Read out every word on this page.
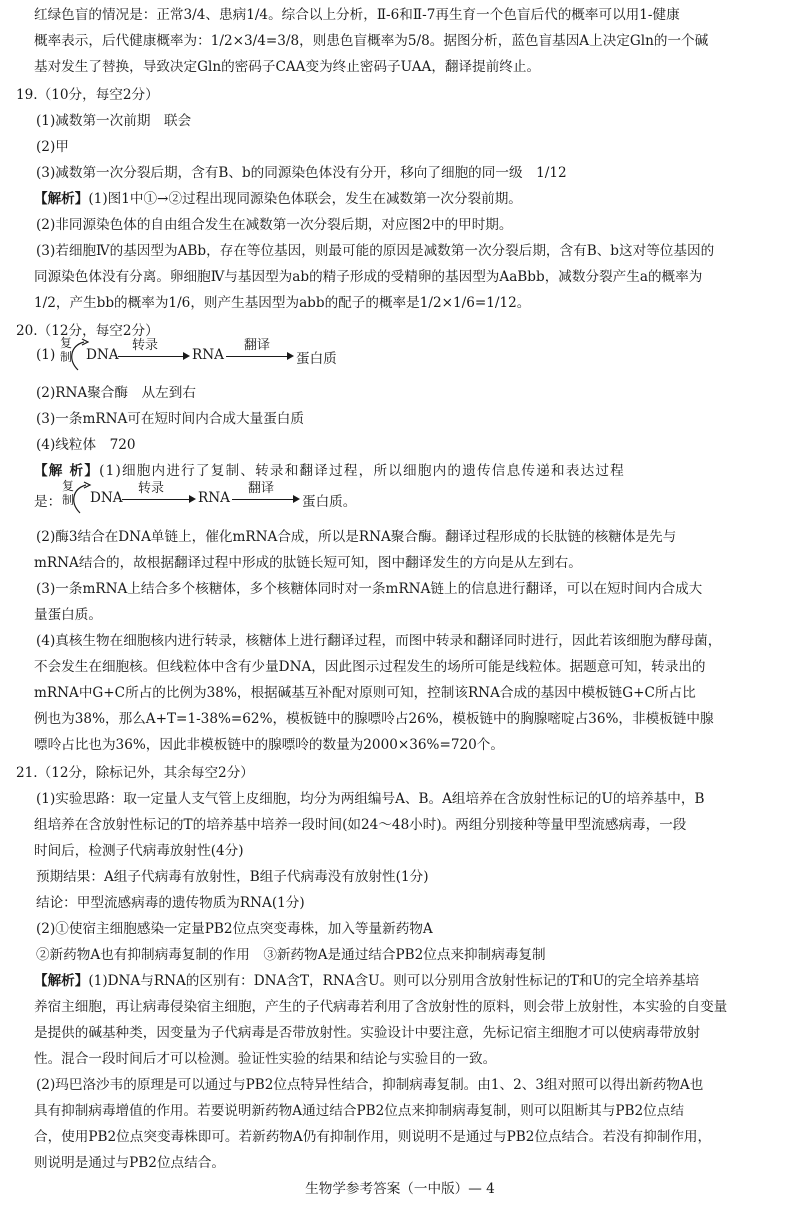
红绿色盲的情况是：正常3/4、患病1/4。综合以上分析，Ⅱ-6和Ⅱ-7再生育一个色盲后代的概率可以用1-健康
概率表示，后代健康概率为：1/2×3/4=3/8，则患色盲概率为5/8。据图分析，蓝色盲基因A上决定Gln的一个碱
基对发生了替换，导致决定Gln的密码子CAA变为终止密码子UAA，翻译提前终止。
19.（10分，每空2分）
(1)减数第一次前期　联会
(2)甲
(3)减数第一次分裂后期，含有B、b的同源染色体没有分开，移向了细胞的同一级　1/12
【解析】(1)图1中①→②过程出现同源染色体联会，发生在减数第一次分裂前期。
(2)非同源染色体的自由组合发生在减数第一次分裂后期，对应图2中的甲时期。
(3)若细胞Ⅳ的基因型为ABb，存在等位基因，则最可能的原因是减数第一次分裂后期，含有B、b这对等位基因的
同源染色体没有分离。卵细胞Ⅳ与基因型为ab的精子形成的受精卵的基因型为AaBbb，减数分裂产生a的概率为
1/2，产生bb的概率为1/6，则产生基因型为abb的配子的概率是1/2×1/6=1/12。
20.（12分，每空2分）
(1)
复制 DNA
转录
RNA
翻译
蛋白质
(2)RNA聚合酶　从左到右
(3)一条mRNA可在短时间内合成大量蛋白质
(4)线粒体　720
【解 析】(1)细胞内进行了复制、转录和翻译过程，所以细胞内的遗传信息传递和表达过程
是：
复制 DNA
转录
RNA
翻译
蛋白质。
(2)酶3结合在DNA单链上，催化mRNA合成，所以是RNA聚合酶。翻译过程形成的长肽链的核糖体是先与
mRNA结合的，故根据翻译过程中形成的肽链长短可知，图中翻译发生的方向是从左到右。
(3)一条mRNA上结合多个核糖体，多个核糖体同时对一条mRNA链上的信息进行翻译，可以在短时间内合成大
量蛋白质。
(4)真核生物在细胞核内进行转录，核糖体上进行翻译过程，而图中转录和翻译同时进行，因此若该细胞为酵母菌，
不会发生在细胞核。但线粒体中含有少量DNA，因此图示过程发生的场所可能是线粒体。据题意可知，转录出的
mRNA中G+C所占的比例为38%，根据碱基互补配对原则可知，控制该RNA合成的基因中模板链G+C所占比
例也为38%，那么A+T=1-38%=62%，模板链中的腺嘌呤占26%，模板链中的胸腺嘧啶占36%，非模板链中腺
嘌呤占比也为36%，因此非模板链中的腺嘌呤的数量为2000×36%=720个。
21.（12分，除标记外，其余每空2分）
(1)实验思路：取一定量人支气管上皮细胞，均分为两组编号A、B。A组培养在含放射性标记的U的培养基中，B
组培养在含放射性标记的T的培养基中培养一段时间(如24～48小时)。两组分别接种等量甲型流感病毒，一段
时间后，检测子代病毒放射性(4分)
预期结果：A组子代病毒有放射性，B组子代病毒没有放射性(1分)
结论：甲型流感病毒的遗传物质为RNA(1分)
(2)①使宿主细胞感染一定量PB2位点突变毒株，加入等量新药物A
②新药物A也有抑制病毒复制的作用　③新药物A是通过结合PB2位点来抑制病毒复制
【解析】(1)DNA与RNA的区别有：DNA含T，RNA含U。则可以分别用含放射性标记的T和U的完全培养基培
养宿主细胞，再让病毒侵染宿主细胞，产生的子代病毒若利用了含放射性的原料，则会带上放射性，本实验的自变量
是提供的碱基种类，因变量为子代病毒是否带放射性。实验设计中要注意，先标记宿主细胞才可以使病毒带放射
性。混合一段时间后才可以检测。验证性实验的结果和结论与实验目的一致。
(2)玛巴洛沙韦的原理是可以通过与PB2位点特异性结合，抑制病毒复制。由1、2、3组对照可以得出新药物A也
具有抑制病毒增值的作用。若要说明新药物A通过结合PB2位点来抑制病毒复制，则可以阻断其与PB2位点结
合，使用PB2位点突变毒株即可。若新药物A仍有抑制作用，则说明不是通过与PB2位点结合。若没有抑制作用，
生物学参考答案（一中版）— 4
则说明是通过与PB2位点结合。
